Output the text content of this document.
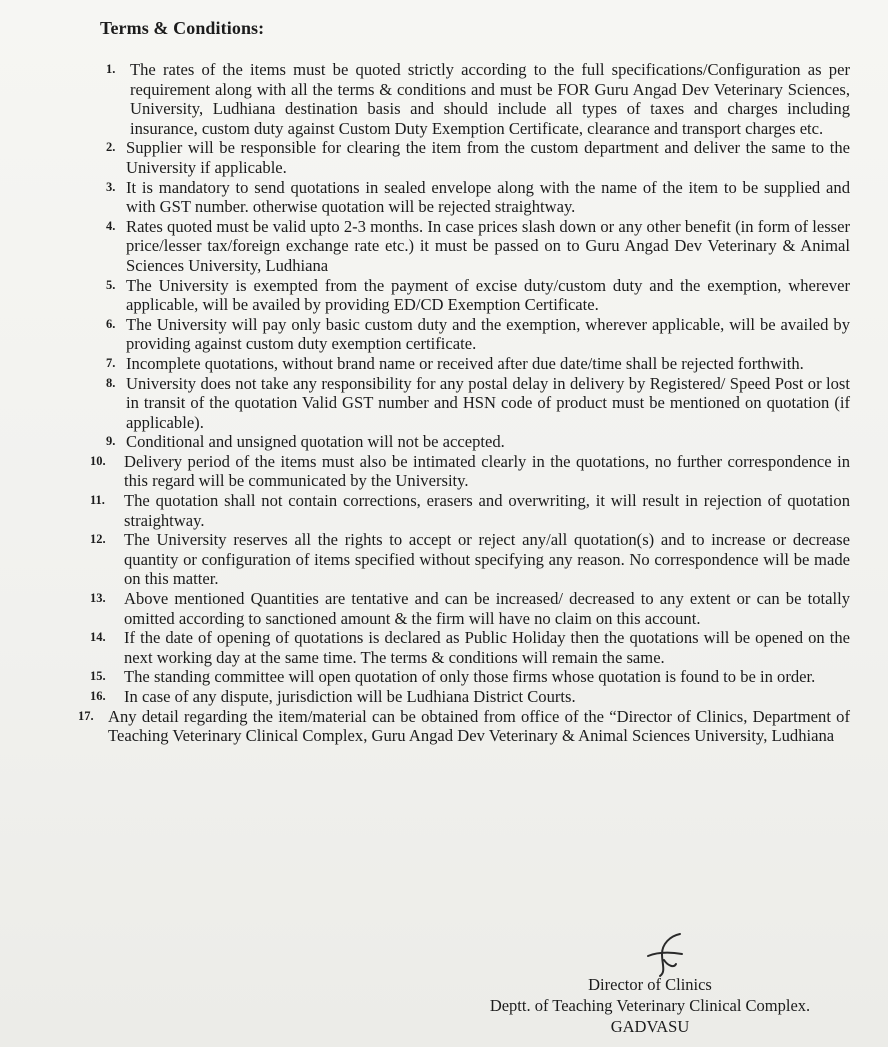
Terms & Conditions:
1. The rates of the items must be quoted strictly according to the full specifications/Configuration as per requirement along with all the terms & conditions and must be FOR Guru Angad Dev Veterinary Sciences, University, Ludhiana destination basis and should include all types of taxes and charges including insurance, custom duty against Custom Duty Exemption Certificate, clearance and transport charges etc.
2. Supplier will be responsible for clearing the item from the custom department and deliver the same to the University if applicable.
3. It is mandatory to send quotations in sealed envelope along with the name of the item to be supplied and with GST number. otherwise quotation will be rejected straightway.
4. Rates quoted must be valid upto 2-3 months. In case prices slash down or any other benefit (in form of lesser price/lesser tax/foreign exchange rate etc.) it must be passed on to Guru Angad Dev Veterinary & Animal Sciences University, Ludhiana
5. The University is exempted from the payment of excise duty/custom duty and the exemption, wherever applicable, will be availed by providing ED/CD Exemption Certificate.
6. The University will pay only basic custom duty and the exemption, wherever applicable, will be availed by providing against custom duty exemption certificate.
7. Incomplete quotations, without brand name or received after due date/time shall be rejected forthwith.
8. University does not take any responsibility for any postal delay in delivery by Registered/ Speed Post or lost in transit of the quotation Valid GST number and HSN code of product must be mentioned on quotation (if applicable).
9. Conditional and unsigned quotation will not be accepted.
10. Delivery period of the items must also be intimated clearly in the quotations, no further correspondence in this regard will be communicated by the University.
11. The quotation shall not contain corrections, erasers and overwriting, it will result in rejection of quotation straightway.
12. The University reserves all the rights to accept or reject any/all quotation(s) and to increase or decrease quantity or configuration of items specified without specifying any reason. No correspondence will be made on this matter.
13. Above mentioned Quantities are tentative and can be increased/ decreased to any extent or can be totally omitted according to sanctioned amount & the firm will have no claim on this account.
14. If the date of opening of quotations is declared as Public Holiday then the quotations will be opened on the next working day at the same time. The terms & conditions will remain the same.
15. The standing committee will open quotation of only those firms whose quotation is found to be in order.
16. In case of any dispute, jurisdiction will be Ludhiana District Courts.
17. Any detail regarding the item/material can be obtained from office of the “Director of Clinics, Department of Teaching Veterinary Clinical Complex, Guru Angad Dev Veterinary & Animal Sciences University, Ludhiana
Director of Clinics
Deptt. of Teaching Veterinary Clinical Complex.
GADVASU
